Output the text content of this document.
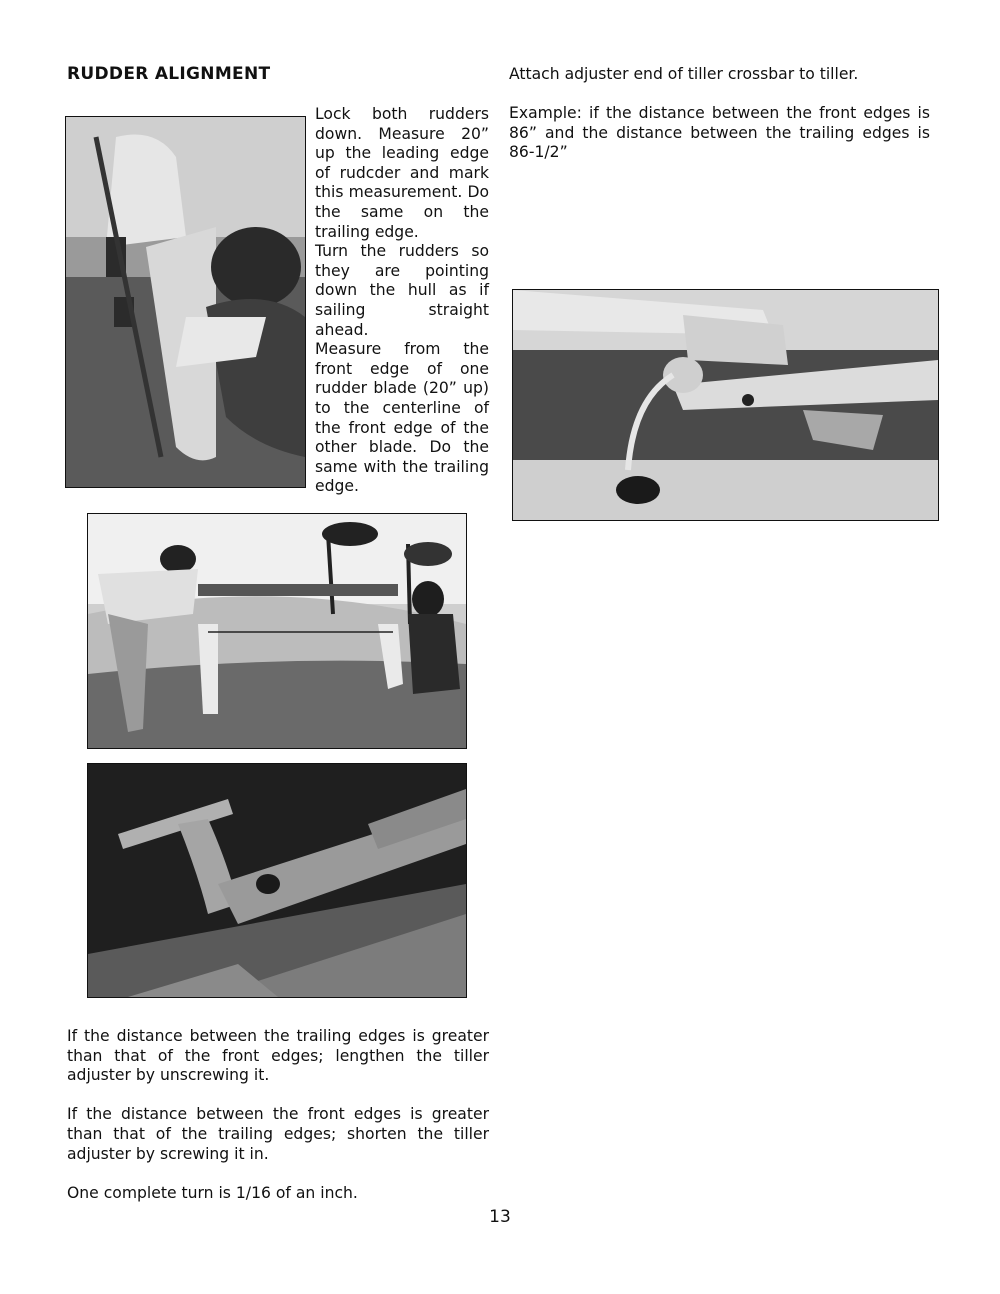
RUDDER ALIGNMENT

Lock both rudders down. Measure 20” up the leading edge of rudcder and mark this measurement. Do the same on the trailing edge.

Turn the rudders so they are pointing down the hull as if sailing straight ahead.

Measure from the front edge of one rudder blade (20” up) to the centerline of the front edge of the other blade. Do the same with the trailing edge.

If the distance between the trailing edges is greater than that of the front edges; lengthen the tiller adjuster by unscrewing it.

If the distance between the front edges is greater than that of the trailing edges; shorten the tiller adjuster by screwing it in.

One complete turn is 1/16 of an inch.

Attach adjuster end of tiller crossbar to tiller.

Example: if the distance between the front edges is 86” and the distance between the trailing edges is 86-1/2”

13
